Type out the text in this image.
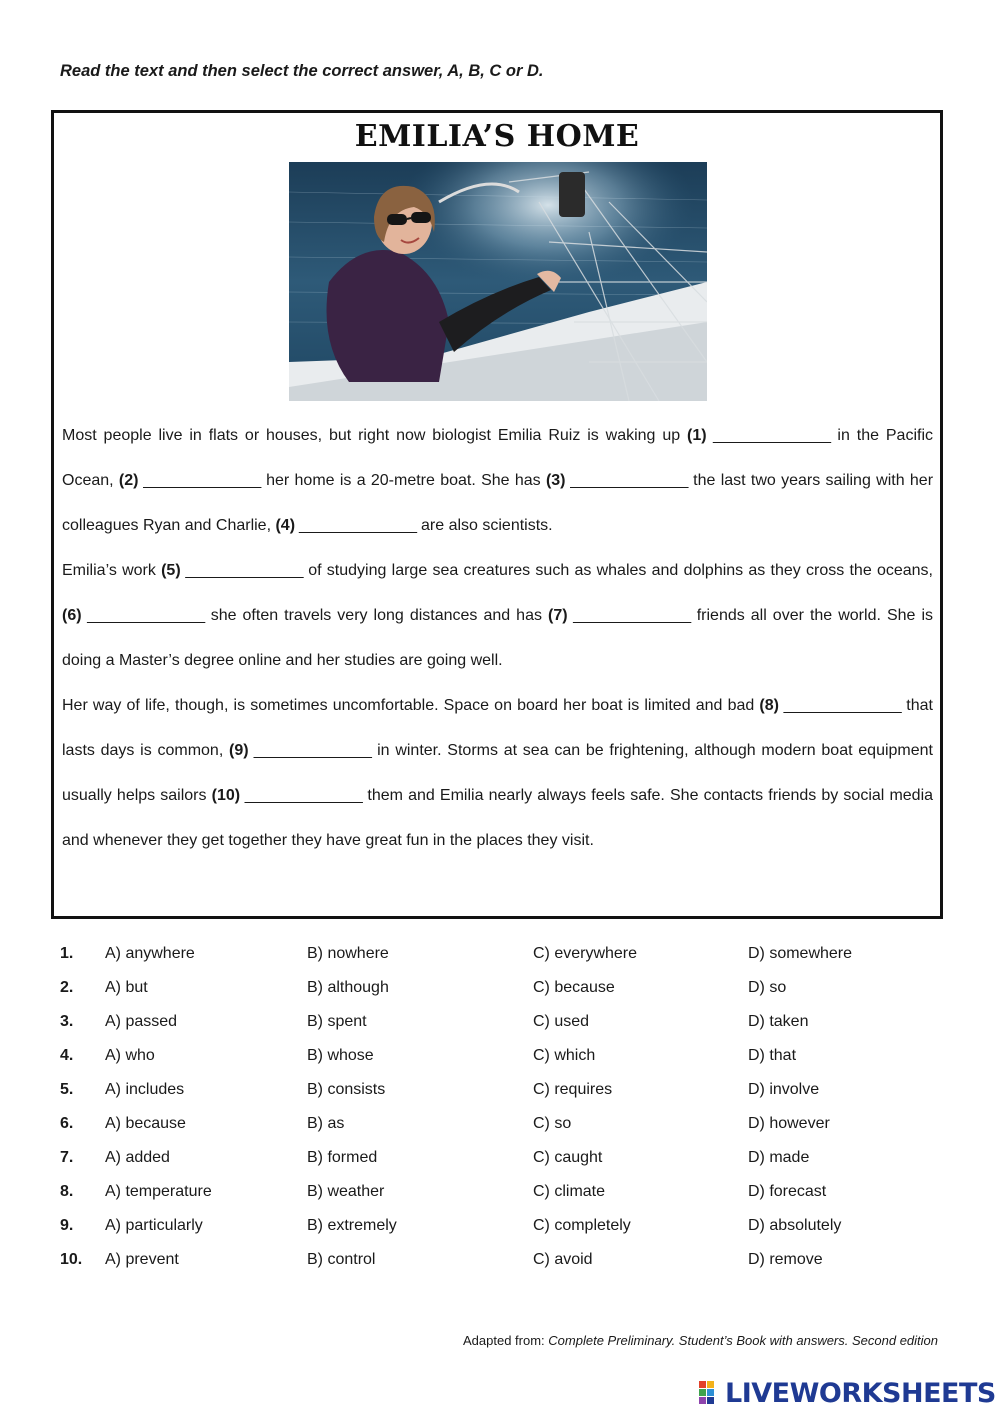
Read the text and then select the correct answer, A, B, C or D.
EMILIA’S HOME

Most people live in flats or houses, but right now biologist Emilia Ruiz is waking up (1) ______________ in the Pacific Ocean, (2) ______________ her home is a 20-metre boat. She has (3) ______________ the last two years sailing with her colleagues Ryan and Charlie, (4) ______________ are also scientists.

Emilia’s work (5) ______________ of studying large sea creatures such as whales and dolphins as they cross the oceans, (6) ______________ she often travels very long distances and has (7) ______________ friends all over the world. She is doing a Master’s degree online and her studies are going well.

Her way of life, though, is sometimes uncomfortable. Space on board her boat is limited and bad (8) ______________ that lasts days is common, (9) ______________ in winter. Storms at sea can be frightening, although modern boat equipment usually helps sailors (10) ______________ them and Emilia nearly always feels safe. She contacts friends by social media and whenever they get together they have great fun in the places they visit.

1. A) anywhere	B) nowhere	C) everywhere	D) somewhere
2. A) but	B) although	C) because	D) so
3. A) passed	B) spent	C) used	D) taken
4. A) who	B) whose	C) which	D) that
5. A) includes	B) consists	C) requires	D) involve
6. A) because	B) as	C) so	D) however
7. A) added	B) formed	C) caught	D) made
8. A) temperature	B) weather	C) climate	D) forecast
9. A) particularly	B) extremely	C) completely	D) absolutely
10. A) prevent	B) control	C) avoid	D) remove
Adapted from: Complete Preliminary. Student’s Book with answers. Second edition
LIVEWORKSHEETS
